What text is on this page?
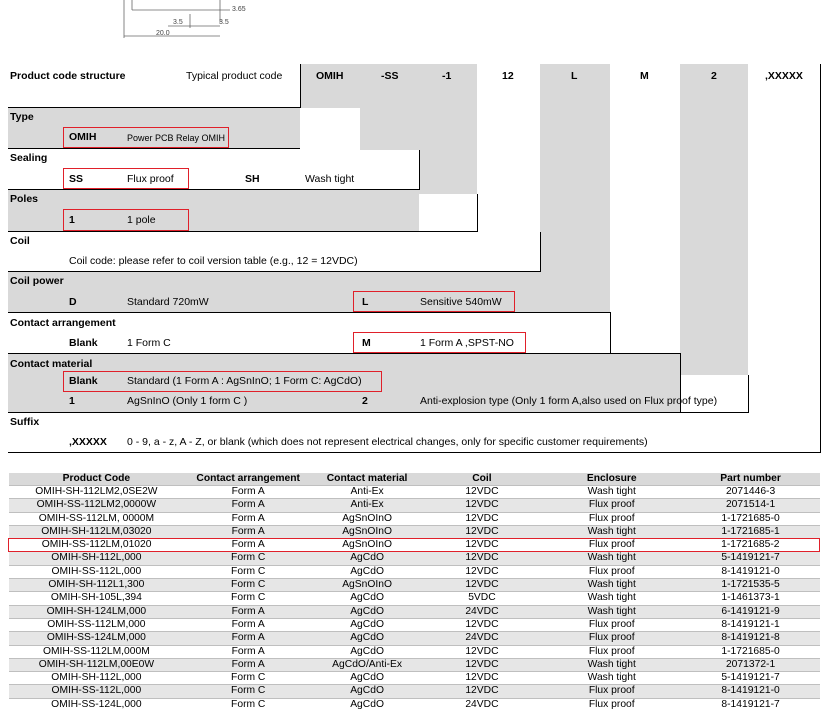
3.65
3.5	3.5
20.0
Product code structure	Typical product code	OMIH	-SS	-1	12	L	M	2	,XXXXX
Type
OMIH	Power PCB Relay OMIH
Sealing
SS	Flux proof	SH	Wash tight
Poles
1	1 pole
Coil
Coil code: please refer to coil version table (e.g., 12 = 12VDC)
Coil power
D	Standard 720mW	L	Sensitive 540mW
Contact arrangement
Blank	1 Form C	M	1 Form A ,SPST-NO
Contact material
Blank	Standard (1 Form A : AgSnInO; 1 Form C: AgCdO)
1	AgSnInO (Only 1 form C )	2	Anti-explosion type (Only 1 form A,also used on Flux proof type)
Suffix
,XXXXX 0 - 9, a - z, A - Z, or blank (which does not represent electrical changes, only for specific customer requirements)
Product Code	Contact arrangement	Contact material	Coil	Enclosure	Part number
OMIH-SH-112LM2,0SE2W	Form A	Anti-Ex	12VDC	Wash tight	2071446-3
OMIH-SS-112LM2,0000W	Form A	Anti-Ex	12VDC	Flux proof	2071514-1
OMIH-SS-112LM, 0000M	Form A	AgSnOInO	12VDC	Flux proof	1-1721685-0
OMIH-SH-112LM,03020	Form A	AgSnOInO	12VDC	Wash tight	1-1721685-1
OMIH-SS-112LM,01020	Form A	AgSnOInO	12VDC	Flux proof	1-1721685-2
OMIH-SH-112L,000	Form C	AgCdO	12VDC	Wash tight	5-1419121-7
OMIH-SS-112L,000	Form C	AgCdO	12VDC	Flux proof	8-1419121-0
OMIH-SH-112L1,300	Form C	AgSnOInO	12VDC	Wash tight	1-1721535-5
OMIH-SH-105L,394	Form C	AgCdO	5VDC	Wash tight	1-1461373-1
OMIH-SH-124LM,000	Form A	AgCdO	24VDC	Wash tight	6-1419121-9
OMIH-SS-112LM,000	Form A	AgCdO	12VDC	Flux proof	8-1419121-1
OMIH-SS-124LM,000	Form A	AgCdO	24VDC	Flux proof	8-1419121-8
OMIH-SS-112LM,000M	Form A	AgCdO	12VDC	Flux proof	1-1721685-0
OMIH-SH-112LM,00E0W	Form A	AgCdO/Anti-Ex	12VDC	Wash tight	2071372-1
OMIH-SH-112L,000	Form C	AgCdO	12VDC	Wash tight	5-1419121-7
OMIH-SS-112L,000	Form C	AgCdO	12VDC	Flux proof	8-1419121-0
OMIH-SS-124L,000	Form C	AgCdO	24VDC	Flux proof	8-1419121-7
